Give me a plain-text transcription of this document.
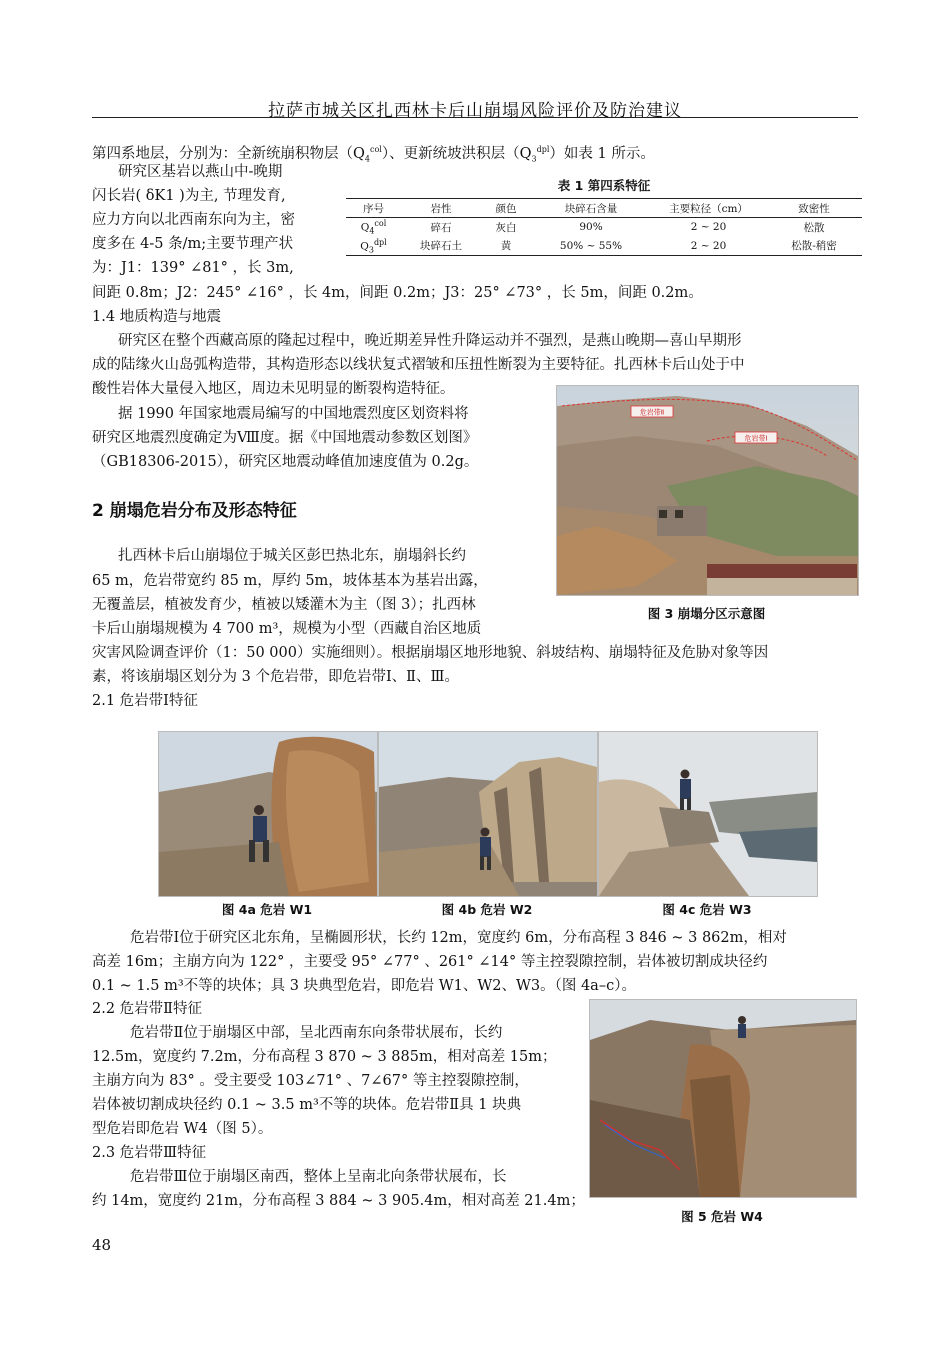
拉萨市城关区扎西林卡后山崩塌风险评价及防治建议
第四系地层，分别为：全新统崩积物层$(Q_4^{col})$、更新统坡洪积层$(Q_3^{dpl})$如表 1 所示。
研究区基岩以燕山中-晚期
闪长岩( δK1 )为主, 节理发育,
应力方向以北西南东向为主，密
度多在 4-5 条/m;主要节理产状
为：J1：139° ∠81° ，长 3m,
间距 0.8m；J2：245° ∠16° ，长 4m，间距 0.2m；J3：25° ∠73° ，长 5m，间距 0.2m。
表 1 第四系特征
序号	岩性	颜色	块碎石含量	主要粒径（cm）	致密性
$Q_4^{col}$	碎石	灰白	90%	2 ~ 20	松散
$Q_3^{dpl}$	块碎石土	黄	50% ~ 55%	2 ~ 20	松散-稍密
1.4 地质构造与地震
研究区在整个西藏高原的隆起过程中，晚近期差异性升降运动并不强烈，是燕山晚期—喜山早期形
成的陆缘火山岛弧构造带，其构造形态以线状复式褶皱和压扭性断裂为主要特征。扎西林卡后山处于中
酸性岩体大量侵入地区，周边未见明显的断裂构造特征。
据 1990 年国家地震局编写的中国地震烈度区划资料将
研究区地震烈度确定为Ⅷ度。据《中国地震动参数区划图》
（GB18306-2015），研究区地震动峰值加速度值为 0.2g。
危岩带Ⅱ
危岩带Ⅰ
图 3 崩塌分区示意图
2 崩塌危岩分布及形态特征
扎西林卡后山崩塌位于城关区彭巴热北东，崩塌斜长约
65 m，危岩带宽约 85 m，厚约 5m，坡体基本为基岩出露，
无覆盖层，植被发育少，植被以矮灌木为主（图 3）；扎西林
卡后山崩塌规模为 4 700 m³，规模为小型（西藏自治区地质
灾害风险调查评价（1：50 000）实施细则）。根据崩塌区地形地貌、斜坡结构、崩塌特征及危胁对象等因
素，将该崩塌区划分为 3 个危岩带，即危岩带Ⅰ、Ⅱ、Ⅲ。
2.1 危岩带Ⅰ特征
图 4a 危岩 W1	图 4b 危岩 W2	图 4c 危岩 W3
危岩带Ⅰ位于研究区北东角，呈椭圆形状，长约 12m，宽度约 6m，分布高程 3 846 ~ 3 862m，相对
高差 16m；主崩方向为 122° ，主要受 95° ∠77° 、261° ∠14° 等主控裂隙控制，岩体被切割成块径约
0.1 ~ 1.5 m³不等的块体；具 3 块典型危岩，即危岩 W1、W2、W3。（图 4a–c）。
2.2 危岩带Ⅱ特征
危岩带Ⅱ位于崩塌区中部，呈北西南东向条带状展布，长约
12.5m，宽度约 7.2m，分布高程 3 870 ~ 3 885m，相对高差 15m；
主崩方向为 83° 。受主要受 103∠71° 、7∠67° 等主控裂隙控制，
岩体被切割成块径约 0.1 ~ 3.5 m³不等的块体。危岩带Ⅱ具 1 块典
型危岩即危岩 W4（图 5）。
图 5 危岩 W4
2.3 危岩带Ⅲ特征
危岩带Ⅲ位于崩塌区南西，整体上呈南北向条带状展布，长
约 14m，宽度约 21m，分布高程 3 884 ~ 3 905.4m，相对高差 21.4m；
48
